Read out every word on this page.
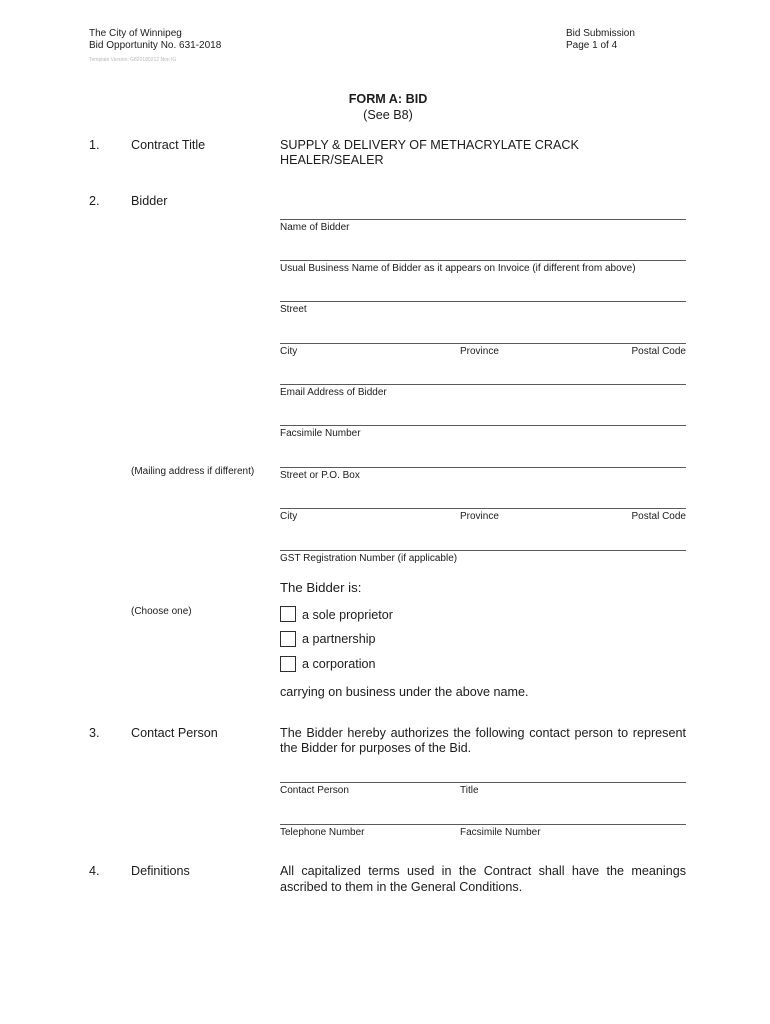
The City of Winnipeg
Bid Opportunity No. 631-2018
Template Version: G820180212 Non IG
Bid Submission
Page 1 of 4
FORM A: BID
(See B8)
1. Contract Title	SUPPLY & DELIVERY OF METHACRYLATE CRACK
HEALER/SEALER
2. Bidder
Name of Bidder
Usual Business Name of Bidder as it appears on Invoice (if different from above)
Street
City	Province	Postal Code
Email Address of Bidder
Facsimile Number
(Mailing address if different)	Street or P.O. Box
City	Province	Postal Code
GST Registration Number (if applicable)
The Bidder is:
(Choose one)	a sole proprietor
a partnership
a corporation
carrying on business under the above name.
3. Contact Person	The Bidder hereby authorizes the following contact person to represent
the Bidder for purposes of the Bid.
Contact Person	Title
Telephone Number	Facsimile Number
4. Definitions	All capitalized terms used in the Contract shall have the meanings
ascribed to them in the General Conditions.
